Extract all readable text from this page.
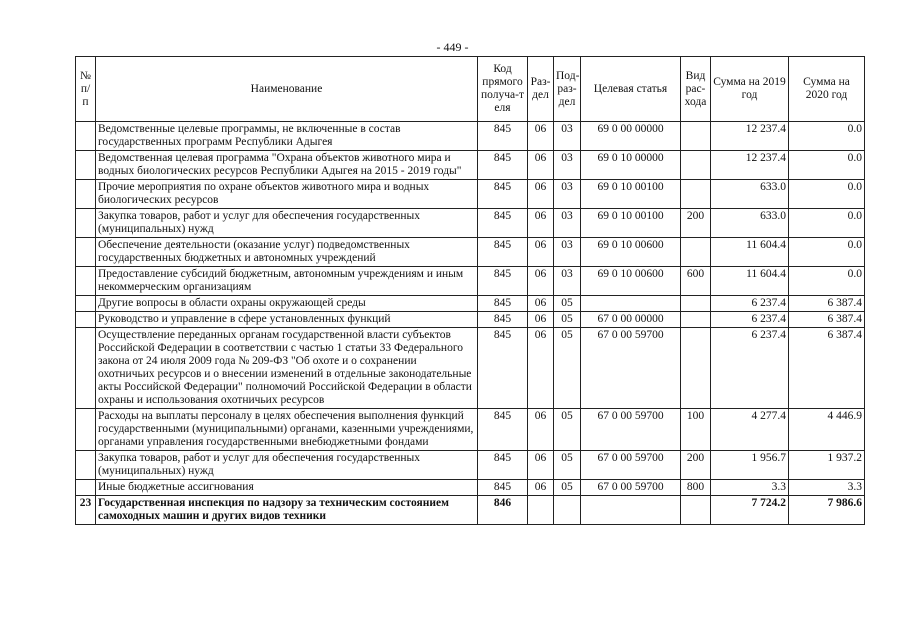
- 449 -
№ п/п	Наименование	Код прямого получа-т еля	Раз-дел	Под-раз-дел	Целевая статья	Вид рас-хода	Сумма на 2019 год	Сумма на 2020 год
	Ведомственные целевые программы, не включенные в состав государственных программ Республики Адыгея	845	06	03	69 0 00 00000		12 237.4	0.0
	Ведомственная целевая программа "Охрана объектов животного мира и водных биологических ресурсов Республики Адыгея на 2015 - 2019 годы"	845	06	03	69 0 10 00000		12 237.4	0.0
	Прочие мероприятия по охране объектов животного мира и водных биологических ресурсов	845	06	03	69 0 10 00100		633.0	0.0
	Закупка товаров, работ и услуг для обеспечения государственных (муниципальных) нужд	845	06	03	69 0 10 00100	200	633.0	0.0
	Обеспечение деятельности (оказание услуг) подведомственных государственных бюджетных и автономных учреждений	845	06	03	69 0 10 00600		11 604.4	0.0
	Предоставление субсидий бюджетным, автономным учреждениям и иным некоммерческим организациям	845	06	03	69 0 10 00600	600	11 604.4	0.0
	Другие вопросы в области охраны окружающей среды	845	06	05			6 237.4	6 387.4
	Руководство и управление в сфере установленных функций	845	06	05	67 0 00 00000		6 237.4	6 387.4
	Осуществление переданных органам государственной власти субъектов Российской Федерации в соответствии с частью 1 статьи 33 Федерального закона от 24 июля 2009 года № 209-ФЗ "Об охоте и о сохранении охотничьих ресурсов и о внесении изменений в отдельные законодательные акты Российской Федерации" полномочий Российской Федерации в области охраны и использования охотничьих ресурсов	845	06	05	67 0 00 59700		6 237.4	6 387.4
	Расходы на выплаты персоналу в целях обеспечения выполнения функций государственными (муниципальными) органами, казенными учреждениями, органами управления государственными внебюджетными фондами	845	06	05	67 0 00 59700	100	4 277.4	4 446.9
	Закупка товаров, работ и услуг для обеспечения государственных (муниципальных) нужд	845	06	05	67 0 00 59700	200	1 956.7	1 937.2
	Иные бюджетные ассигнования	845	06	05	67 0 00 59700	800	3.3	3.3
23	Государственная инспекция по надзору за техническим состоянием самоходных машин и других видов техники	846					7 724.2	7 986.6
